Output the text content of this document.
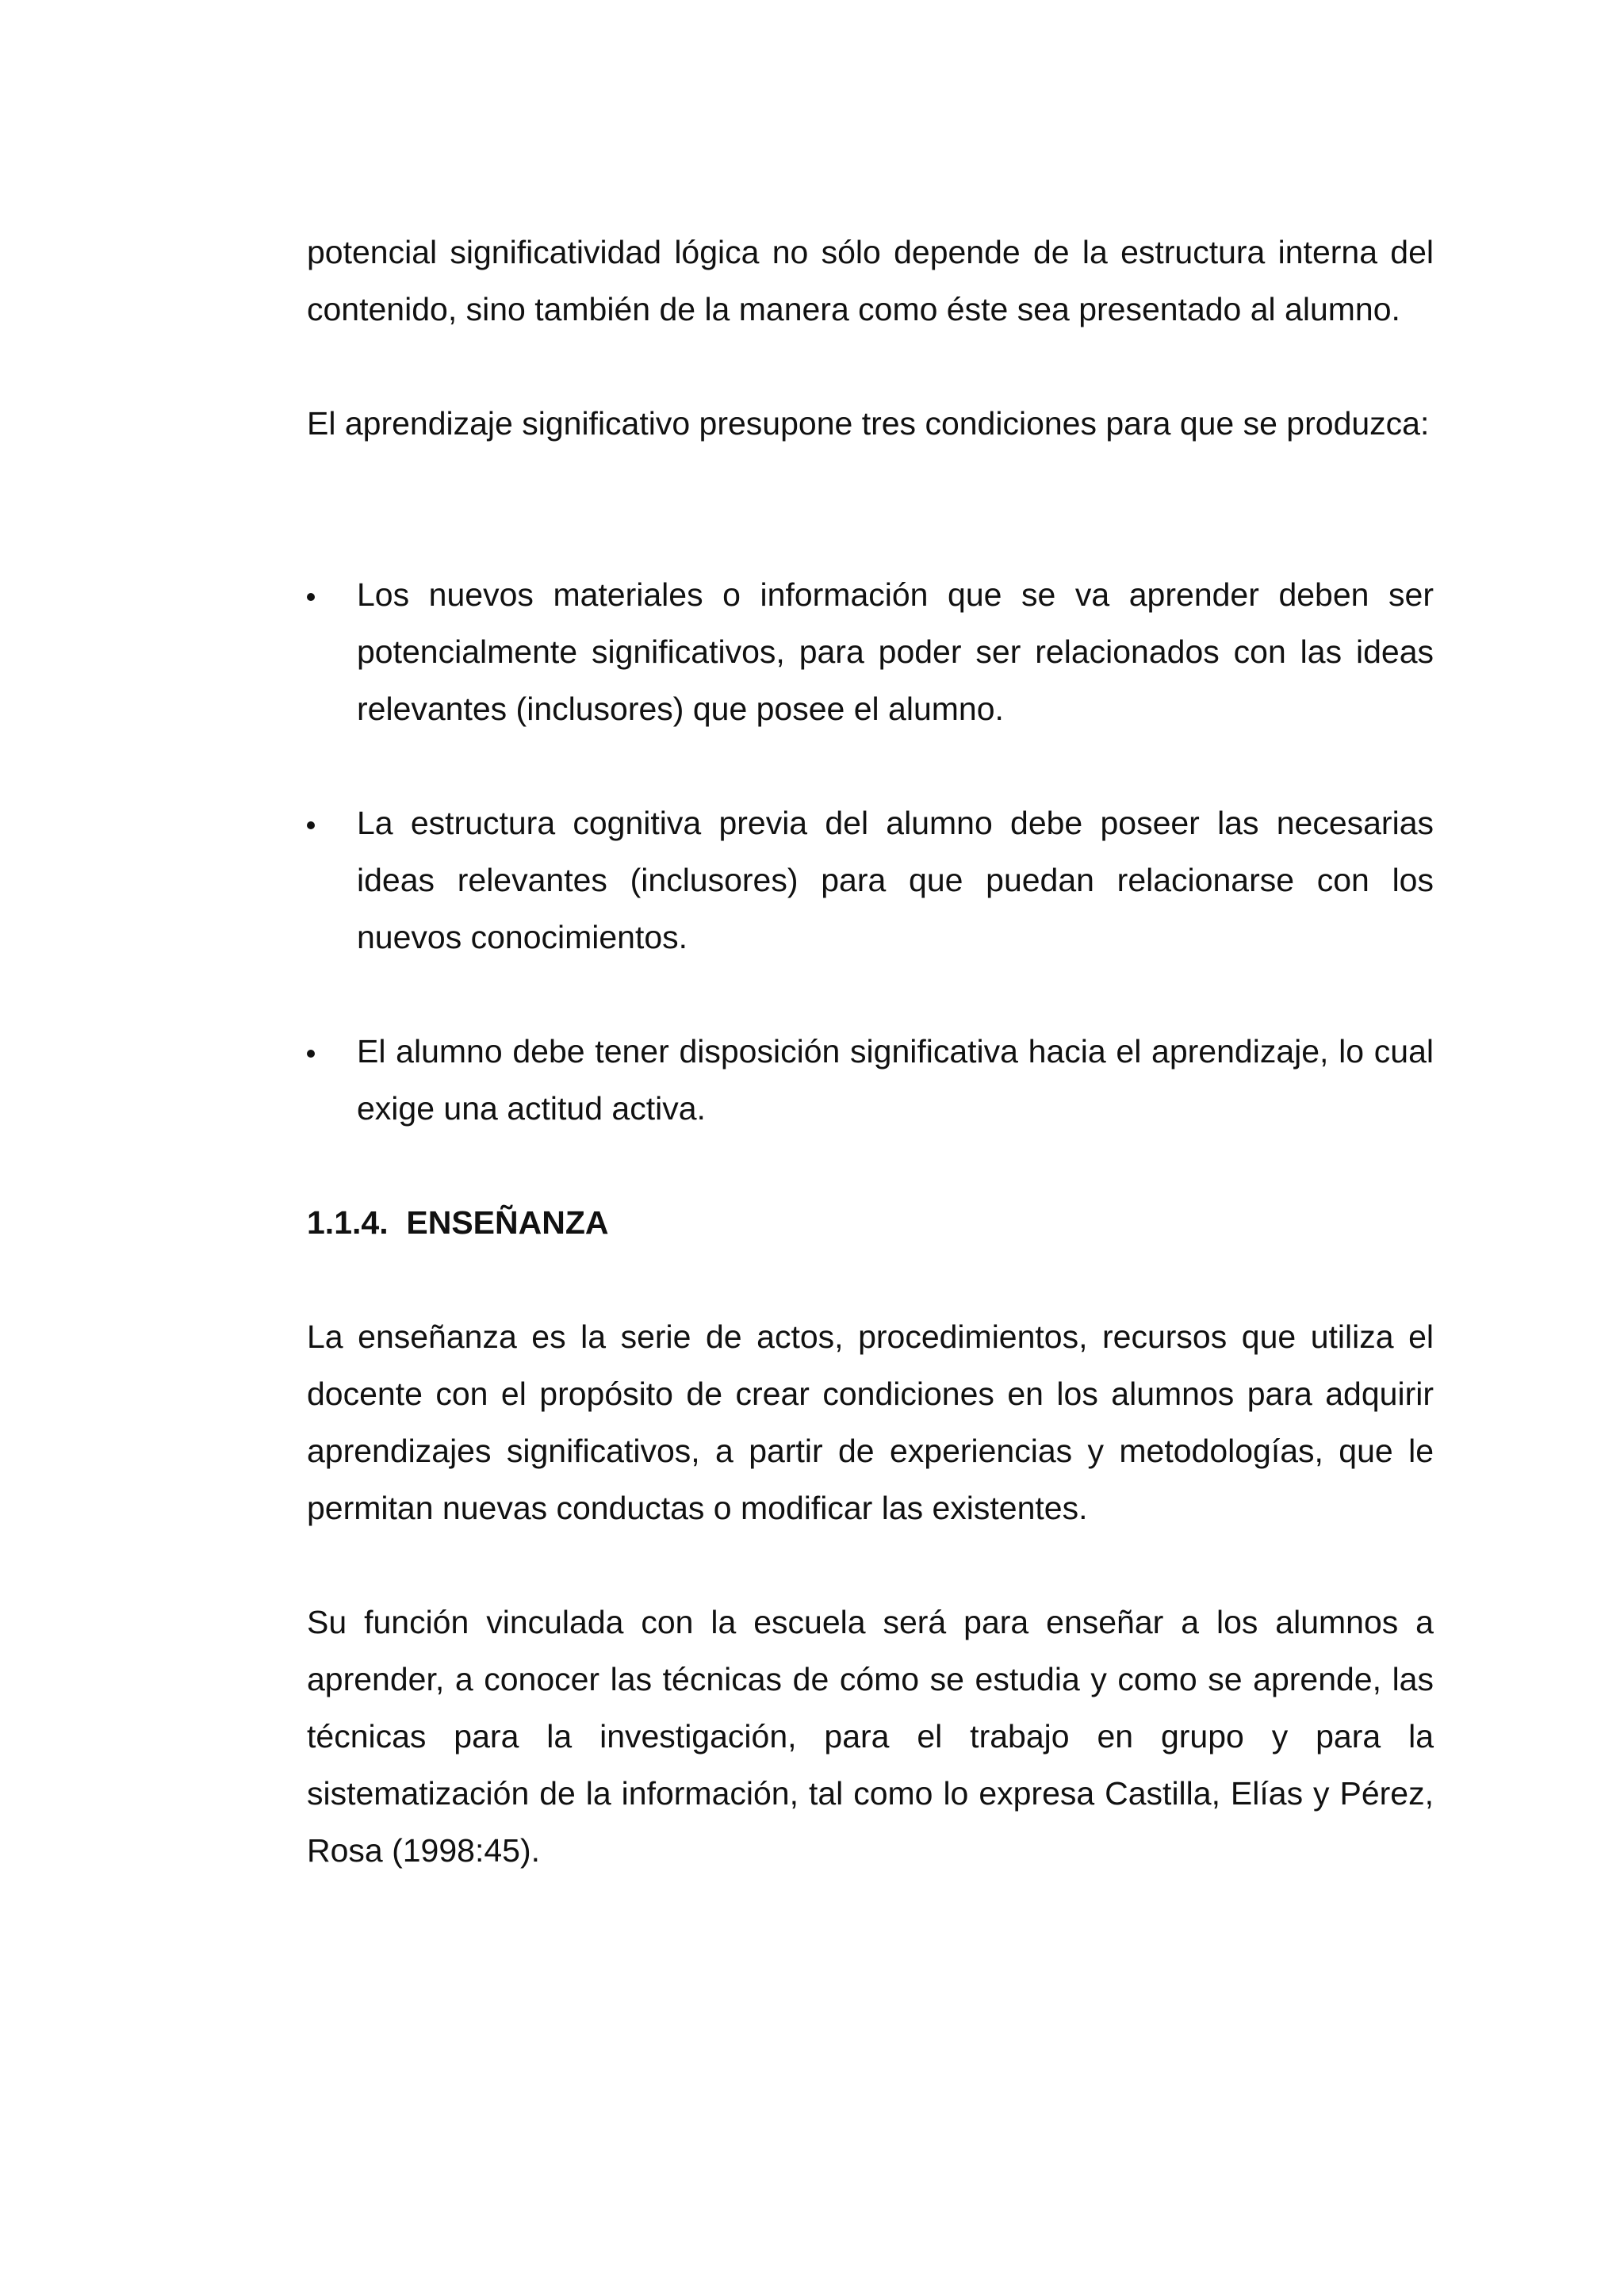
potencial significatividad lógica no sólo depende de la estructura interna del contenido, sino también de la manera como éste sea presentado al alumno.

El aprendizaje significativo presupone tres condiciones para que se produzca:

Los nuevos materiales o información que se va aprender deben ser potencialmente significativos, para poder ser relacionados con las ideas relevantes (inclusores) que posee el alumno.

La estructura cognitiva previa del alumno debe poseer las necesarias ideas relevantes (inclusores) para que puedan relacionarse con los nuevos conocimientos.

El alumno debe tener disposición significativa hacia el aprendizaje, lo cual exige una actitud activa.

1.1.4.  ENSEÑANZA

La enseñanza es la serie de actos, procedimientos, recursos que utiliza el docente con el propósito de crear condiciones en los alumnos para adquirir aprendizajes significativos, a partir de experiencias y metodologías, que le permitan nuevas conductas o modificar las existentes.

Su función vinculada con la escuela será para enseñar a los alumnos a aprender, a conocer las técnicas de cómo se estudia y como se aprende, las técnicas para la investigación, para el trabajo en grupo y para la sistematización de la información, tal como lo expresa Castilla, Elías y Pérez, Rosa (1998:45).
